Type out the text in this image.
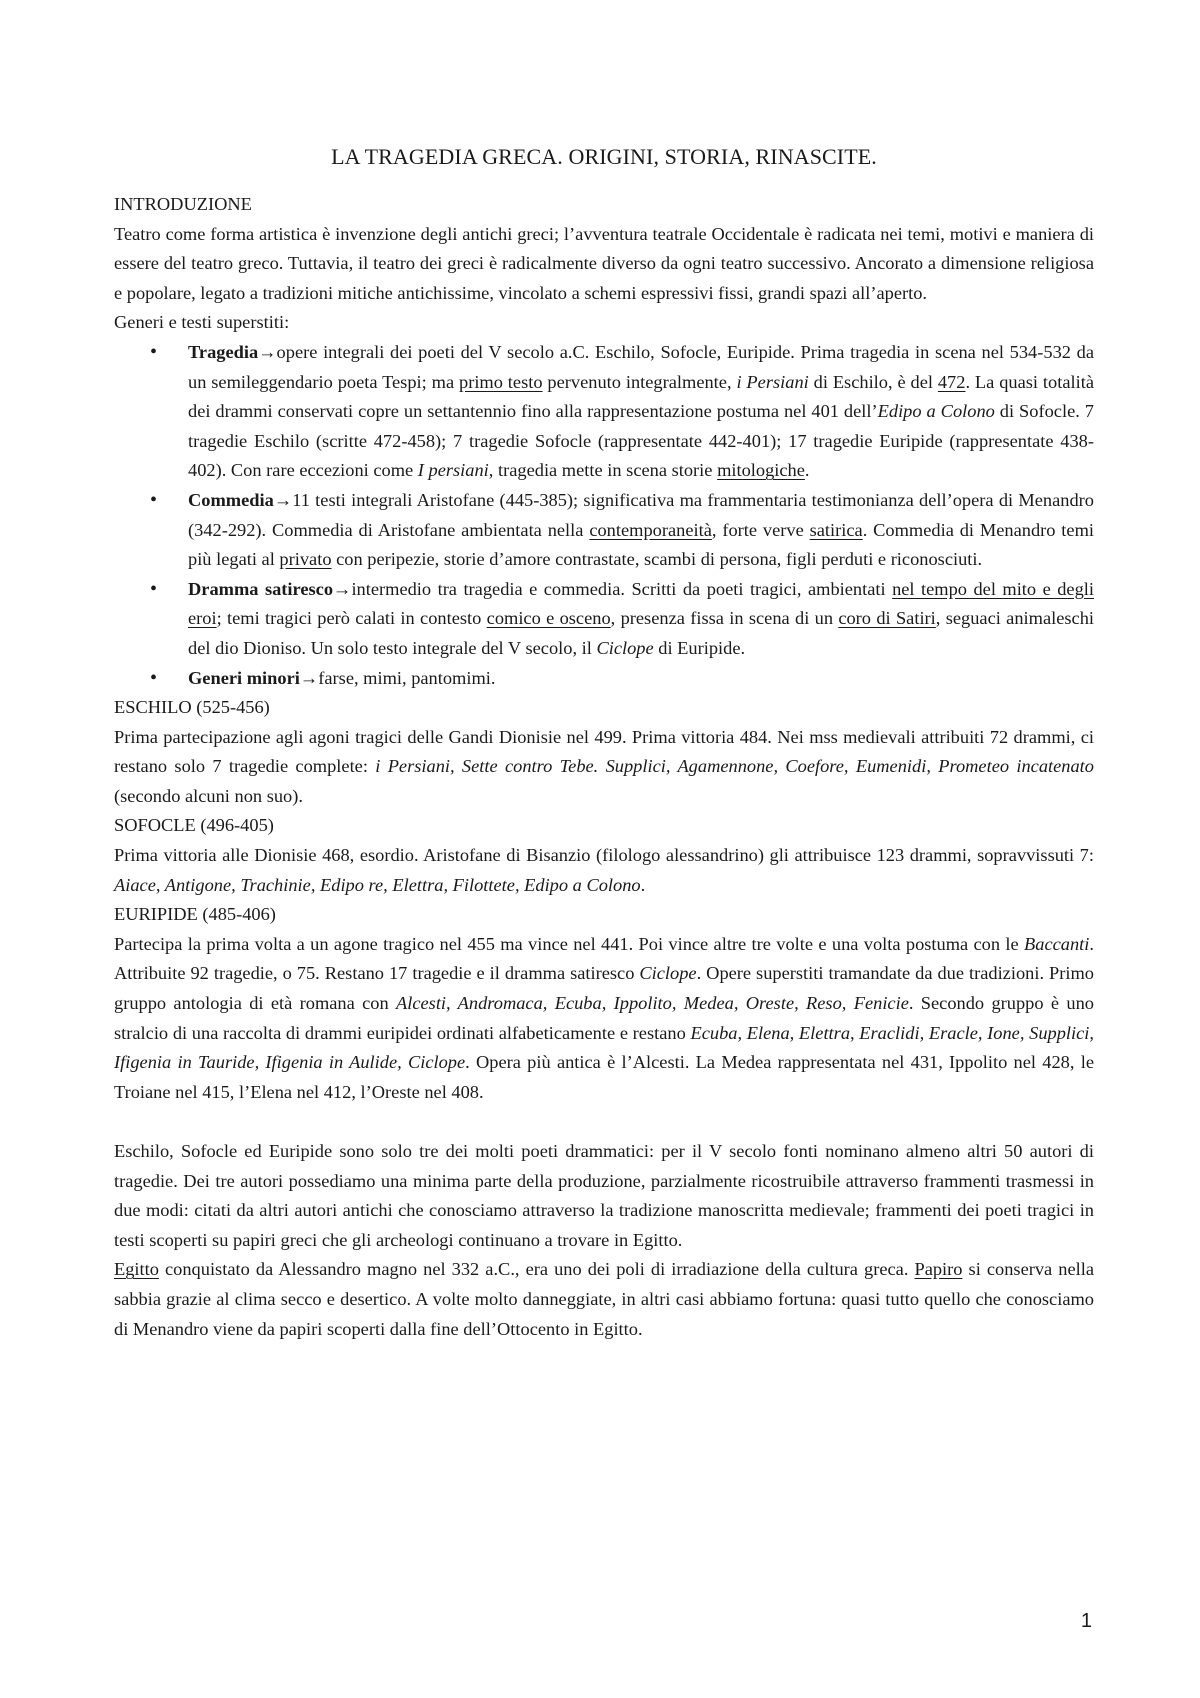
LA TRAGEDIA GRECA. ORIGINI, STORIA, RINASCITE.
INTRODUZIONE

Teatro come forma artistica è invenzione degli antichi greci; l’avventura teatrale Occidentale è radicata nei temi, motivi e maniera di essere del teatro greco. Tuttavia, il teatro dei greci è radicalmente diverso da ogni teatro successivo. Ancorato a dimensione religiosa e popolare, legato a tradizioni mitiche antichissime, vincolato a schemi espressivi fissi, grandi spazi all’aperto.

Generi e testi superstiti:
• Tragedia→opere integrali dei poeti del V secolo a.C. Eschilo, Sofocle, Euripide. Prima tragedia in scena nel 534-532 da un semileggendario poeta Tespi; ma primo testo pervenuto integralmente, i Persiani di Eschilo, è del 472. La quasi totalità dei drammi conservati copre un settantennio fino alla rappresentazione postuma nel 401 dell’Edipo a Colono di Sofocle. 7 tragedie Eschilo (scritte 472-458); 7 tragedie Sofocle (rappresentate 442-401); 17 tragedie Euripide (rappresentate 438-402). Con rare eccezioni come I persiani, tragedia mette in scena storie mitologiche.
• Commedia→11 testi integrali Aristofane (445-385); significativa ma frammentaria testimonianza dell’opera di Menandro (342-292). Commedia di Aristofane ambientata nella contemporaneità, forte verve satirica. Commedia di Menandro temi più legati al privato con peripezie, storie d’amore contrastate, scambi di persona, figli perduti e riconosciuti.
• Dramma satiresco→intermedio tra tragedia e commedia. Scritti da poeti tragici, ambientati nel tempo del mito e degli eroi; temi tragici però calati in contesto comico e osceno, presenza fissa in scena di un coro di Satiri, seguaci animaleschi del dio Dioniso. Un solo testo integrale del V secolo, il Ciclope di Euripide.
• Generi minori→farse, mimi, pantomimi.
ESCHILO (525-456)

Prima partecipazione agli agoni tragici delle Gandi Dionisie nel 499. Prima vittoria 484. Nei mss medievali attribuiti 72 drammi, ci restano solo 7 tragedie complete: i Persiani, Sette contro Tebe. Supplici, Agamennone, Coefore, Eumenidi, Prometeo incatenato (secondo alcuni non suo).

SOFOCLE (496-405)

Prima vittoria alle Dionisie 468, esordio. Aristofane di Bisanzio (filologo alessandrino) gli attribuisce 123 drammi, sopravvissuti 7: Aiace, Antigone, Trachinie, Edipo re, Elettra, Filottete, Edipo a Colono.

EURIPIDE (485-406)

Partecipa la prima volta a un agone tragico nel 455 ma vince nel 441. Poi vince altre tre volte e una volta postuma con le Baccanti. Attribuite 92 tragedie, o 75. Restano 17 tragedie e il dramma satiresco Ciclope. Opere superstiti tramandate da due tradizioni. Primo gruppo antologia di età romana con Alcesti, Andromaca, Ecuba, Ippolito, Medea, Oreste, Reso, Fenicie. Secondo gruppo è uno stralcio di una raccolta di drammi euripidei ordinati alfabeticamente e restano Ecuba, Elena, Elettra, Eraclidi, Eracle, Ione, Supplici, Ifigenia in Tauride, Ifigenia in Aulide, Ciclope. Opera più antica è l’Alcesti. La Medea rappresentata nel 431, Ippolito nel 428, le Troiane nel 415, l’Elena nel 412, l’Oreste nel 408.

Eschilo, Sofocle ed Euripide sono solo tre dei molti poeti drammatici: per il V secolo fonti nominano almeno altri 50 autori di tragedie. Dei tre autori possediamo una minima parte della produzione, parzialmente ricostruibile attraverso frammenti trasmessi in due modi: citati da altri autori antichi che conosciamo attraverso la tradizione manoscritta medievale; frammenti dei poeti tragici in testi scoperti su papiri greci che gli archeologi continuano a trovare in Egitto.

Egitto conquistato da Alessandro magno nel 332 a.C., era uno dei poli di irradiazione della cultura greca. Papiro si conserva nella sabbia grazie al clima secco e desertico. A volte molto danneggiate, in altri casi abbiamo fortuna: quasi tutto quello che conosciamo di Menandro viene da papiri scoperti dalla fine dell’Ottocento in Egitto.

1
